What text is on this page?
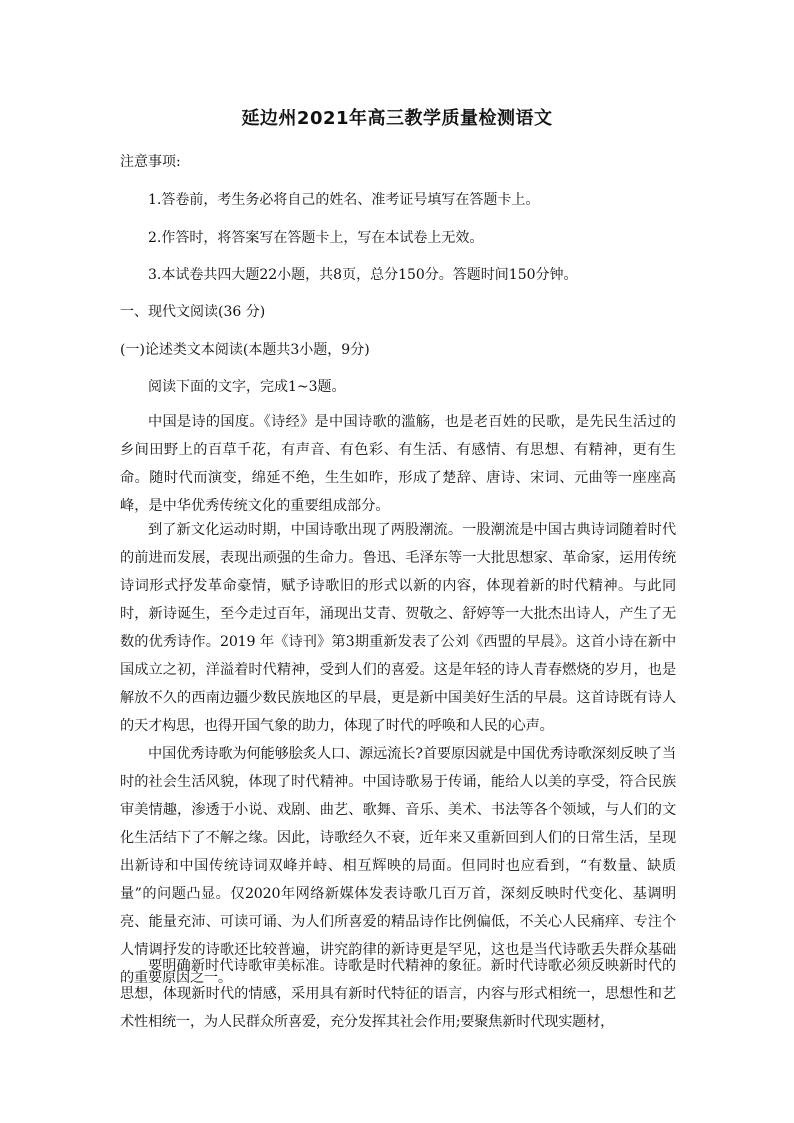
延边州2021年高三教学质量检测语文
注意事项:
1.答卷前，考生务必将自己的姓名、准考证号填写在答题卡上。
2.作答时，将答案写在答题卡上，写在本试卷上无效。
3.本试卷共四大题22小题，共8页，总分150分。答题时间150分钟。
一、现代文阅读(36 分)
(一)论述类文本阅读(本题共3小题，9分)
阅读下面的文字，完成1~3题。
中国是诗的国度。《诗经》是中国诗歌的滥觞，也是老百姓的民歌，是先民生活过的乡间田野上的百草千花，有声音、有色彩、有生活、有感情、有思想、有精神，更有生命。随时代而演变，绵延不绝，生生如昨，形成了楚辞、唐诗、宋词、元曲等一座座高峰，是中华优秀传统文化的重要组成部分。
到了新文化运动时期，中国诗歌出现了两股潮流。一股潮流是中国古典诗词随着时代的前进而发展，表现出顽强的生命力。鲁迅、毛泽东等一大批思想家、革命家，运用传统诗词形式抒发革命豪情，赋予诗歌旧的形式以新的内容，体现着新的时代精神。与此同时，新诗诞生，至今走过百年，涌现出艾青、贺敬之、舒婷等一大批杰出诗人，产生了无数的优秀诗作。2019 年《诗刊》第3期重新发表了公刘《西盟的早晨》。这首小诗在新中国成立之初，洋溢着时代精神，受到人们的喜爱。这是年轻的诗人青春燃烧的岁月，也是解放不久的西南边疆少数民族地区的早晨，更是新中国美好生活的早晨。这首诗既有诗人的天才构思，也得开国气象的助力，体现了时代的呼唤和人民的心声。
中国优秀诗歌为何能够脍炙人口、源远流长?首要原因就是中国优秀诗歌深刻反映了当时的社会生活风貌，体现了时代精神。中国诗歌易于传诵，能给人以美的享受，符合民族审美情趣，渗透于小说、戏剧、曲艺、歌舞、音乐、美术、书法等各个领域，与人们的文化生活结下了不解之缘。因此，诗歌经久不衰，近年来又重新回到人们的日常生活，呈现出新诗和中国传统诗词双峰并峙、相互辉映的局面。但同时也应看到，“有数量、缺质量”的问题凸显。仅2020年网络新媒体发表诗歌几百万首，深刻反映时代变化、基调明亮、能量充沛、可读可诵、为人们所喜爱的精品诗作比例偏低，不关心人民痛痒、专注个人情调抒发的诗歌还比较普遍，讲究韵律的新诗更是罕见，这也是当代诗歌丢失群众基础的重要原因之一。
要明确新时代诗歌审美标准。诗歌是时代精神的象征。新时代诗歌必须反映新时代的思想，体现新时代的情感，采用具有新时代特征的语言，内容与形式相统一，思想性和艺术性相统一，为人民群众所喜爱，充分发挥其社会作用;要聚焦新时代现实题材，
